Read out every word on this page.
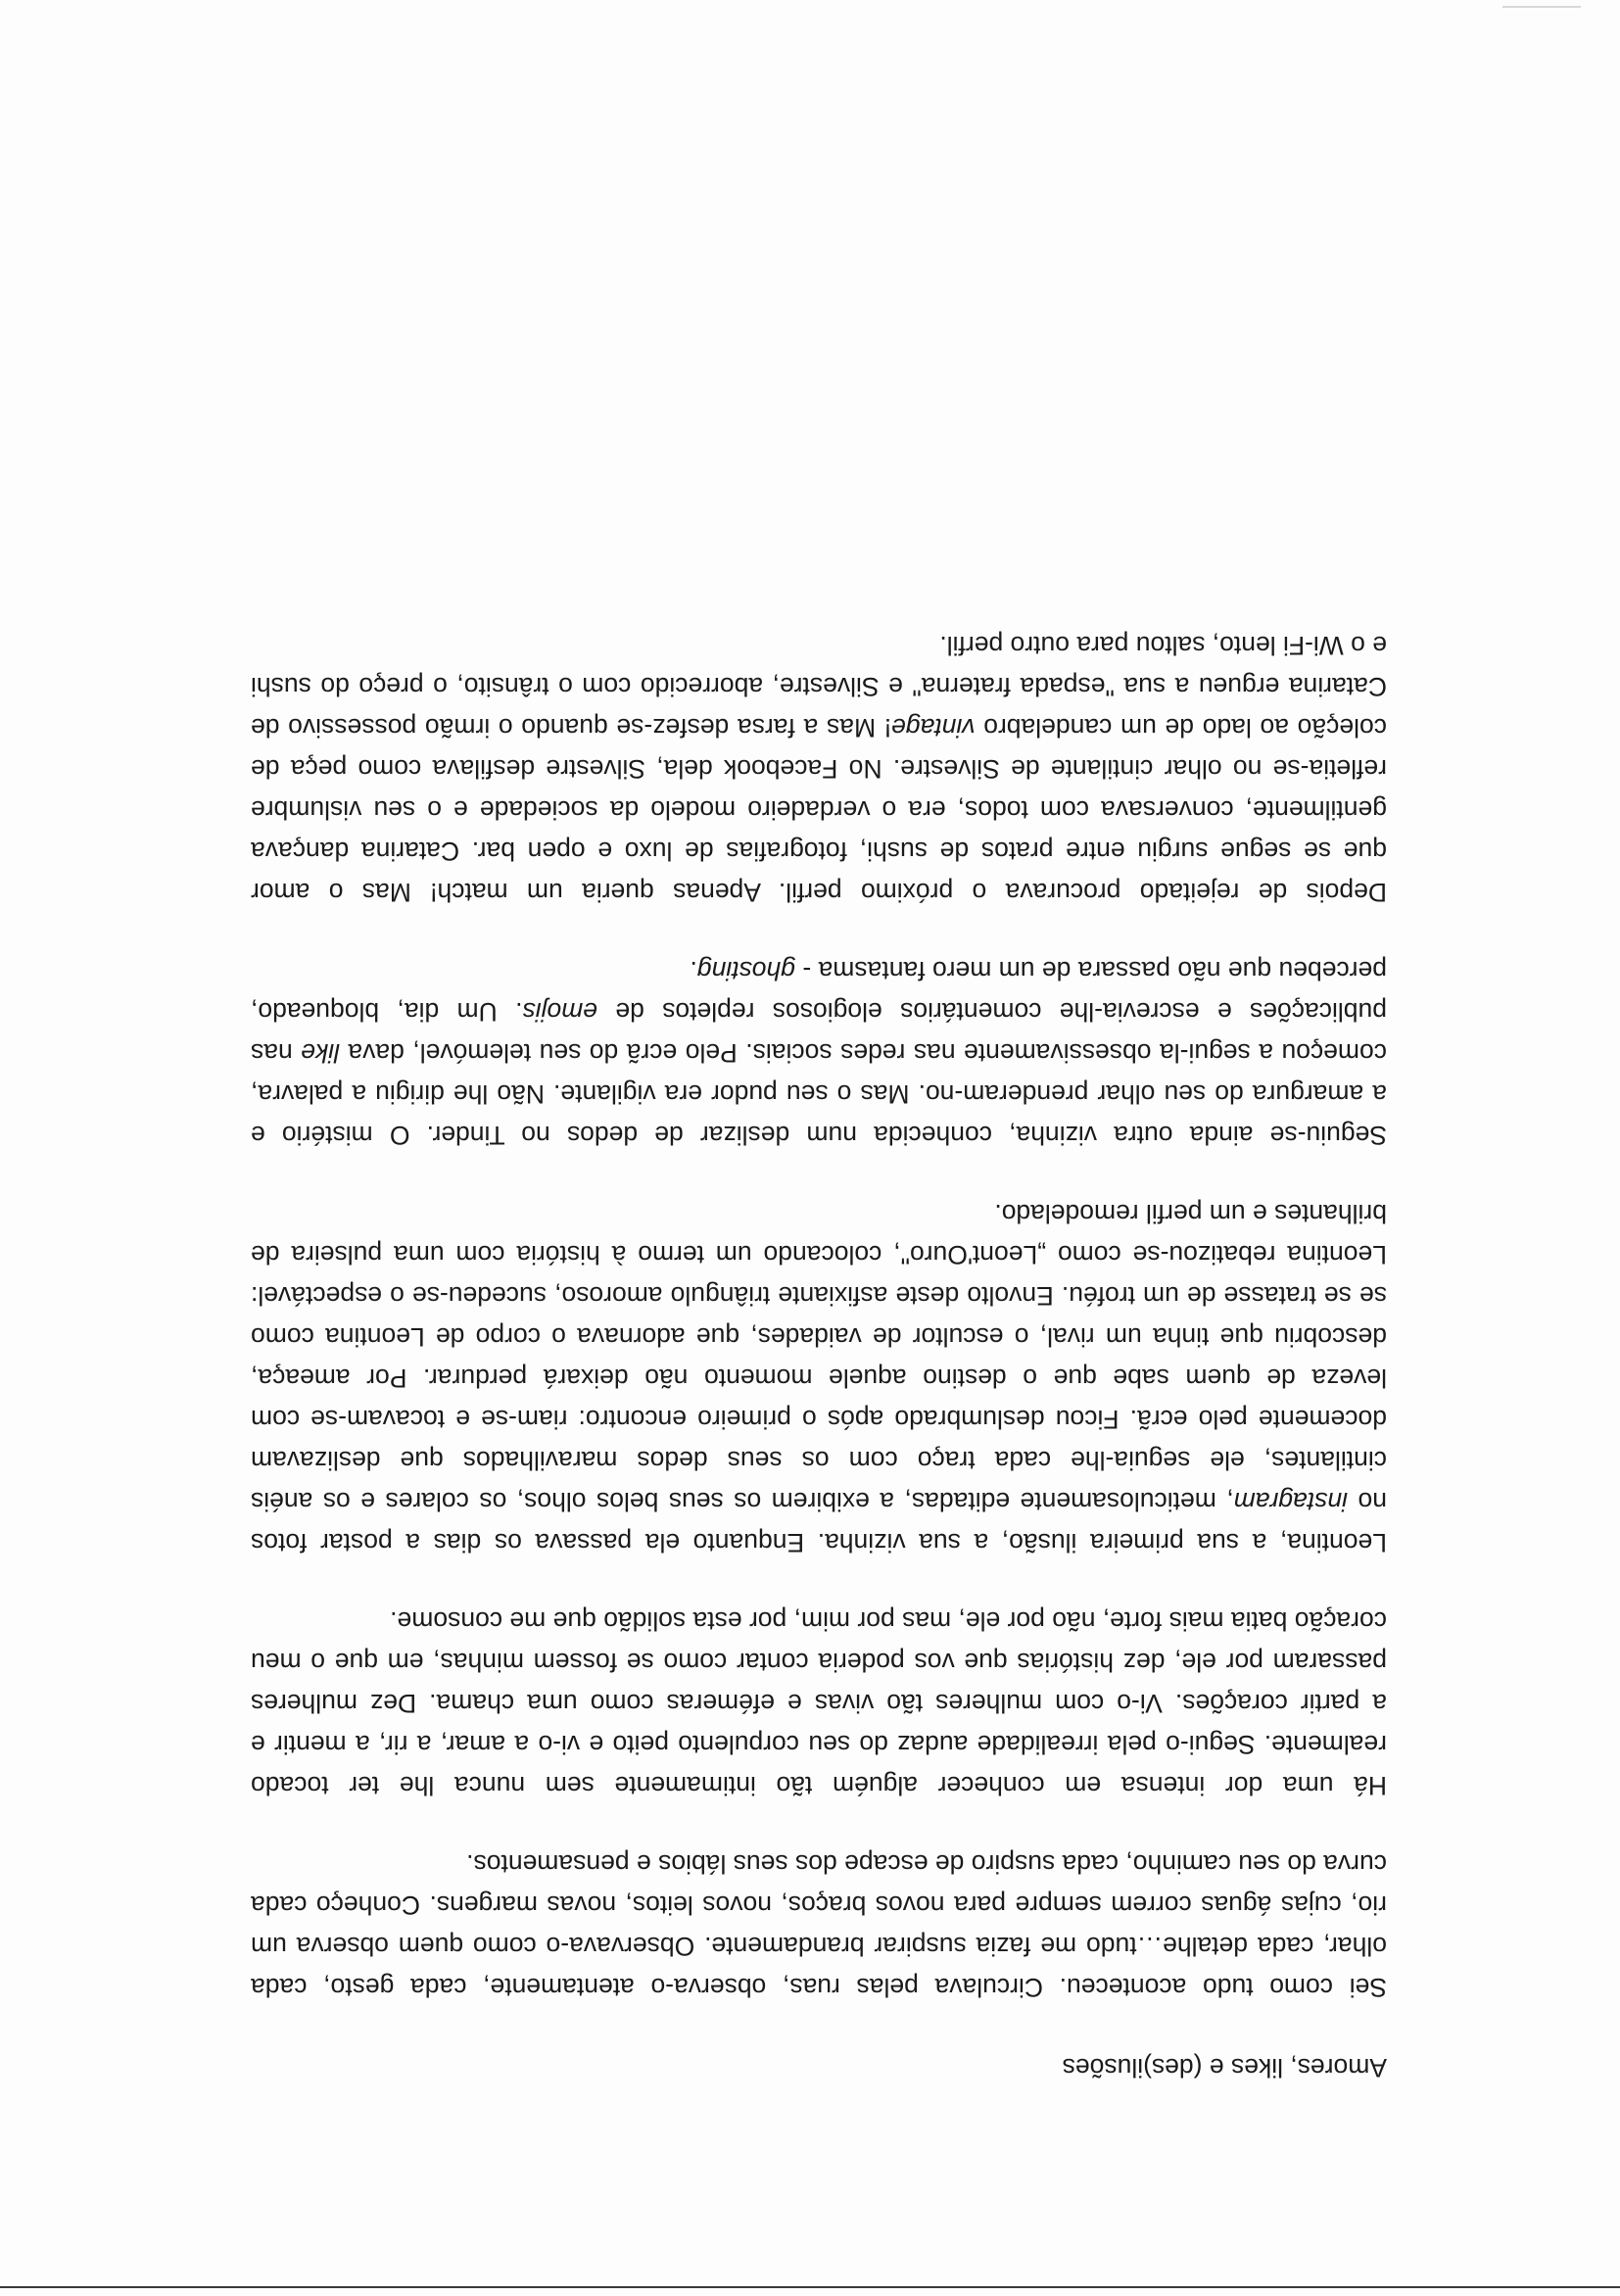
Amores, likes e (des)ilusões
Sei como tudo aconteceu. Circulava pelas ruas, observa-o atentamente, cada gesto, cada
olhar, cada detalhe…tudo me fazia suspirar brandamente. Observava-o como quem observa um
rio, cujas águas correm sempre para novos braços, novos leitos, novas margens. Conheço cada
curva do seu caminho, cada suspiro de escape dos seus lábios e pensamentos.
Há uma dor intensa em conhecer alguém tão intimamente sem nunca lhe ter tocado
realmente. Segui-o pela irrealidade audaz do seu corpulento peito e vi-o a amar, a rir, a mentir e
a partir corações. Vi-o com mulheres tão vivas e efémeras como uma chama. Dez mulheres
passaram por ele, dez histórias que vos poderia contar como se fossem minhas, em que o meu
coração batia mais forte, não por ele, mas por mim, por esta solidão que me consome.
Leontina, a sua primeira ilusão, a sua vizinha. Enquanto ela passava os dias a postar fotos
no instagram, meticulosamente editadas, a exibirem os seus belos olhos, os colares e os anéis
cintilantes, ele seguia-lhe cada traço com os seus dedos maravilhados que deslizavam
docemente pelo ecrã. Ficou deslumbrado após o primeiro encontro: riam-se e tocavam-se com
leveza de quem sabe que o destino aquele momento não deixará perdurar. Por ameaça,
descobriu que tinha um rival, o escultor de vaidades, que adornava o corpo de Leontina como
se se tratasse de um troféu. Envolto deste asfixiante triângulo amoroso, sucedeu-se o espectável:
Leontina rebatizou-se como „Leont'Ouro", colocando um termo à história com uma pulseira de
brilhantes e um perfil remodelado.
Seguiu-se ainda outra vizinha, conhecida num deslizar de dedos no Tinder. O mistério e
a amargura do seu olhar prenderam-no. Mas o seu pudor era vigilante. Não lhe dirigiu a palavra,
começou a segui-la obsessivamente nas redes sociais. Pelo ecrã do seu telemóvel, dava like nas
publicações e escrevia-lhe comentários elogiosos repletos de emojis. Um dia, bloqueado,
percebeu que não passara de um mero fantasma - ghosting.
Depois de rejeitado procurava o próximo perfil. Apenas queria um match! Mas o amor
que se segue surgiu entre pratos de sushi, fotografias de luxo e open bar. Catarina dançava
gentilmente, conversava com todos, era o verdadeiro modelo da sociedade e o seu vislumbre
refletia-se no olhar cintilante de Silvestre. No Facebook dela, Silvestre desfilava como peça de
coleção ao lado de um candelabro vintage! Mas a farsa desfez-se quando o irmão possessivo de
Catarina ergueu a sua "espada fraterna" e Silvestre, aborrecido com o trânsito, o preço do sushi
e o Wi-Fi lento, saltou para outro perfil.
